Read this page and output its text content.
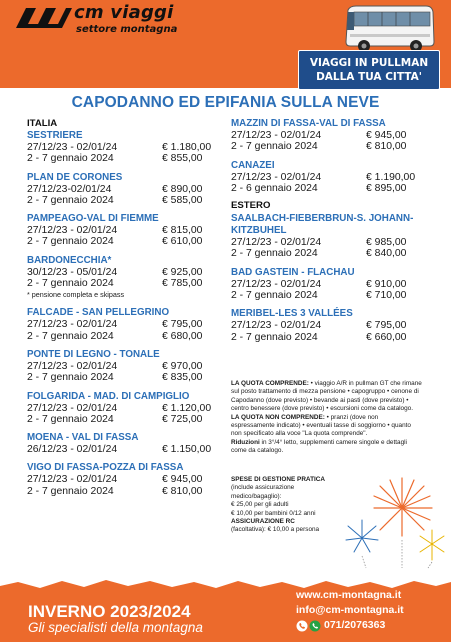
cm viaggi
settore montagna
VIAGGI IN PULLMAN
DALLA TUA CITTA'
CAPODANNO ED EPIFANIA SULLA NEVE
ITALIA
SESTRIERE
27/12/23 - 02/01/24	€ 1.180,00
2 - 7 gennaio 2024	€ 855,00
PLAN DE CORONES
27/12/23-02/01/24	€ 890,00
2 - 7 gennaio 2024	€ 585,00
PAMPEAGO-VAL DI FIEMME
27/12/23 - 02/01/24	€ 815,00
2 - 7 gennaio 2024	€ 610,00
BARDONECCHIA*
30/12/23 - 05/01/24	€ 925,00
2 - 7 gennaio 2024	€ 785,00
* pensione completa e skipass
FALCADE - SAN PELLEGRINO
27/12/23 - 02/01/24	€ 795,00
2 - 7 gennaio 2024	€ 680,00
PONTE DI LEGNO - TONALE
27/12/23 - 02/01/24	€ 970,00
2 - 7 gennaio 2024	€ 835,00
FOLGARIDA - MAD. DI CAMPIGLIO
27/12/23 - 02/01/24	€ 1.120,00
2 - 7 gennaio 2024	€ 725,00
MOENA - VAL DI FASSA
26/12/23 - 02/01/24	€ 1.150,00
VIGO DI FASSA-POZZA DI FASSA
27/12/23 - 02/01/24	€ 945,00
2 - 7 gennaio 2024	€ 810,00
MAZZIN DI FASSA-VAL DI FASSA
27/12/23 - 02/01/24	€ 945,00
2 - 7 gennaio 2024	€ 810,00
CANAZEI
27/12/23 - 02/01/24	€ 1.190,00
2 - 6 gennaio 2024	€ 895,00
ESTERO
SAALBACH-FIEBERBRUN-S. JOHANN-KITZBUHEL
27/12/23 - 02/01/24	€ 985,00
2 - 7 gennaio 2024	€ 840,00
BAD GASTEIN - FLACHAU
27/12/23 - 02/01/24	€ 910,00
2 - 7 gennaio 2024	€ 710,00
MERIBEL-LES 3 VALLÉES
27/12/23 - 02/01/24	€ 795,00
2 - 7 gennaio 2024	€ 660,00
LA QUOTA COMPRENDE: • viaggio A/R in pullman GT che rimane sul posto trattamento di mezza pensione • capogruppo • cenone di Capodanno (dove previsto) • bevande ai pasti (dove previsto) • centro benessere (dove previsto) • escursioni come da catalogo.
LA QUOTA NON COMPRENDE: • pranzi (dove non espressamente indicato) • eventuali tasse di soggiorno • quanto non specificato alla voce "La quota comprende".
Riduzioni in 3°/4° letto, supplementi camere singole e dettagli come da catalogo.
SPESE DI GESTIONE PRATICA
(include assicurazione
medico/bagaglio):
€ 25,00 per gli adulti
€ 10,00 per bambini 0/12 anni
ASSICURAZIONE RC
(facoltativa): € 10,00 a persona
INVERNO 2023/2024
Gli specialisti della montagna
www.cm-montagna.it
info@cm-montagna.it
071/2076363
